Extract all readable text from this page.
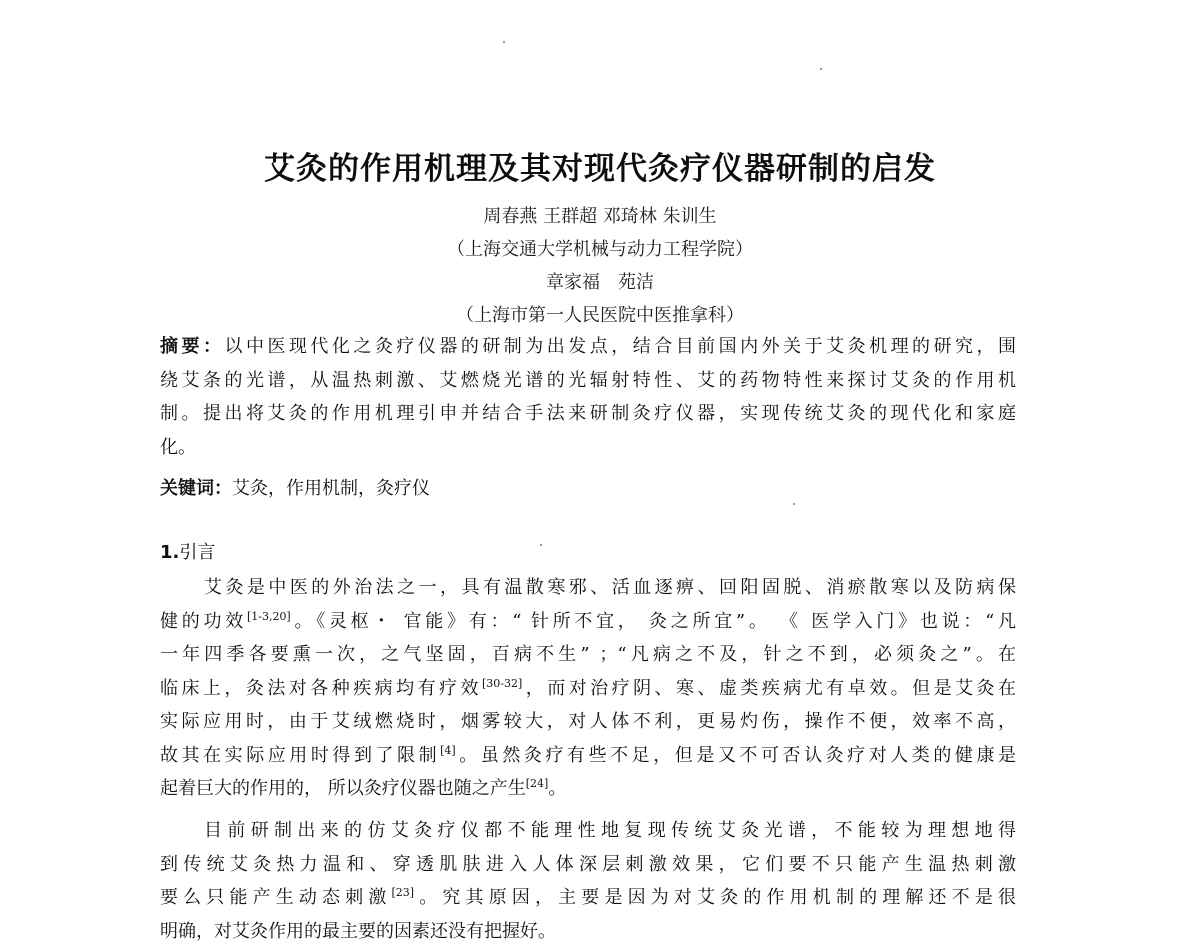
艾灸的作用机理及其对现代灸疗仪器研制的启发
周春燕 王群超 邓琦林 朱训生
（上海交通大学机械与动力工程学院）
章家福　苑洁
（上海市第一人民医院中医推拿科）
摘要：以中医现代化之灸疗仪器的研制为出发点，结合目前国内外关于艾灸机理的研究，围
绕艾条的光谱，从温热刺激、艾燃烧光谱的光辐射特性、艾的药物特性来探讨艾灸的作用机
制。提出将艾灸的作用机理引申并结合手法来研制灸疗仪器，实现传统艾灸的现代化和家庭
化。
关键词：艾灸，作用机制，灸疗仪
1.引言
艾灸是中医的外治法之一，具有温散寒邪、活血逐痹、回阳固脱、消瘀散寒以及防病保
健的功效[1-3,20]。《灵枢・ 官能》有：“ 针所不宜， 灸之所宜”。 《 医学入门》也说：“凡
一年四季各要熏一次，之气坚固，百病不生” ；“凡病之不及，针之不到，必须灸之”。在
临床上，灸法对各种疾病均有疗效[30-32]，而对治疗阴、寒、虚类疾病尤有卓效。但是艾灸在
实际应用时，由于艾绒燃烧时，烟雾较大，对人体不利，更易灼伤，操作不便，效率不高，
故其在实际应用时得到了限制[4]。虽然灸疗有些不足，但是又不可否认灸疗对人类的健康是
起着巨大的作用的， 所以灸疗仪器也随之产生[24]。
目前研制出来的仿艾灸疗仪都不能理性地复现传统艾灸光谱，不能较为理想地得
到传统艾灸热力温和、穿透肌肤进入人体深层刺激效果，它们要不只能产生温热刺激
要么只能产生动态刺激[23]。究其原因，主要是因为对艾灸的作用机制的理解还不是很
明确，对艾灸作用的最主要的因素还没有把握好。
